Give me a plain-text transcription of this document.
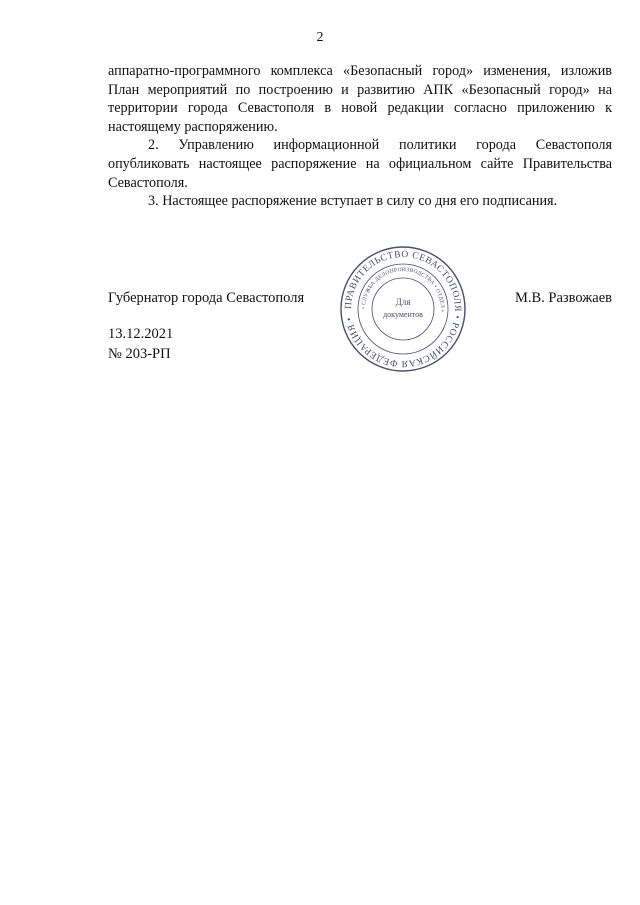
2

аппаратно-программного комплекса «Безопасный город» изменения, изложив План мероприятий по построению и развитию АПК «Безопасный город» на территории города Севастополя в новой редакции согласно приложению к настоящему распоряжению.

2. Управлению информационной политики города Севастополя опубликовать настоящее распоряжение на официальном сайте Правительства Севастополя.

3. Настоящее распоряжение вступает в силу со дня его подписания.

Губернатор города Севастополя	ПРАВИТЕЛЬСТВО СЕВАСТОПОЛЯ • РОССИЙСКАЯ ФЕДЕРАЦИЯ •
• СЛУЖБА ДЕЛОПРОИЗВОДСТВА • ОТДЕЛ •
Для
документов
М.В. Развожаев
13.12.2021
№ 203-РП
